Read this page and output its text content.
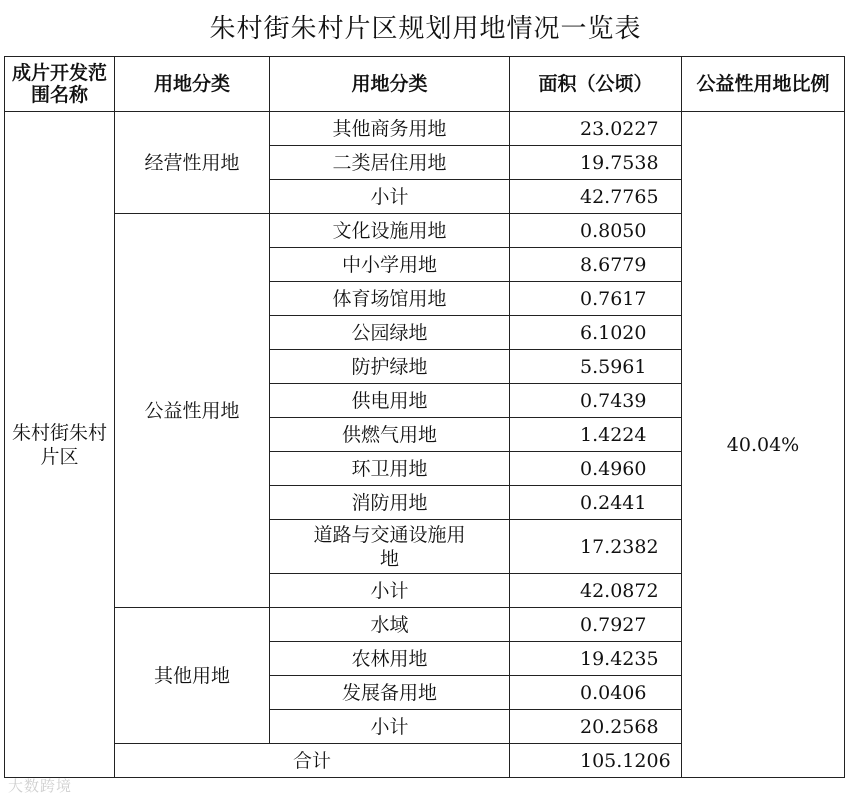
朱村街朱村片区规划用地情况一览表
成片开发范围名称	用地分类	用地分类	面积（公顷）	公益性用地比例
朱村街朱村片区	经营性用地	其他商务用地	23.0227	40.04%
		二类居住用地	19.7538	
		小计	42.7765	
	公益性用地	文化设施用地	0.8050	
		中小学用地	8.6779	
		体育场馆用地	0.7617	
		公园绿地	6.1020	
		防护绿地	5.5961	
		供电用地	0.7439	
		供燃气用地	1.4224	
		环卫用地	0.4960	
		消防用地	0.2441	
		道路与交通设施用地	17.2382	
		小计	42.0872	
	其他用地	水域	0.7927	
		农林用地	19.4235	
		发展备用地	0.0406	
		小计	20.2568	
	合计		105.1206	
大数跨境
